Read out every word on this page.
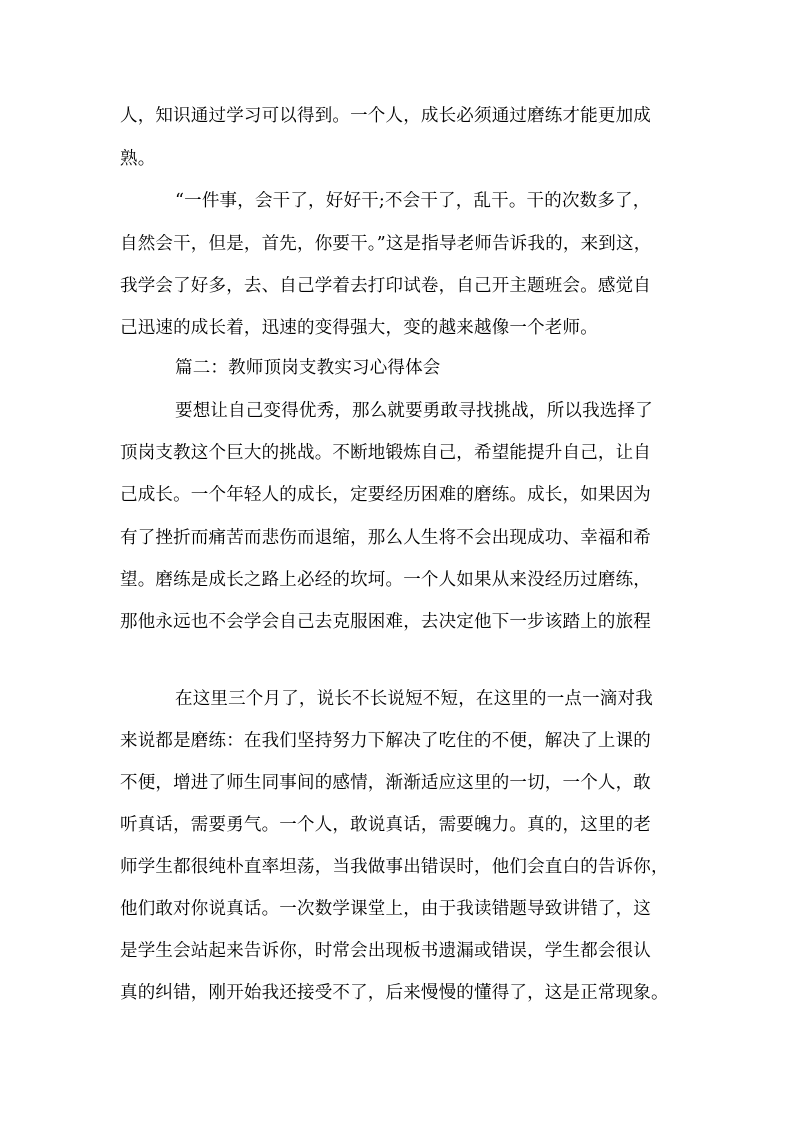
人，知识通过学习可以得到。一个人，成长必须通过磨练才能更加成
熟。
“一件事，会干了，好好干;不会干了，乱干。干的次数多了，
自然会干，但是，首先，你要干。”这是指导老师告诉我的，来到这，
我学会了好多，去、自己学着去打印试卷，自己开主题班会。感觉自
己迅速的成长着，迅速的变得强大，变的越来越像一个老师。
篇二：教师顶岗支教实习心得体会
要想让自己变得优秀，那么就要勇敢寻找挑战，所以我选择了
顶岗支教这个巨大的挑战。不断地锻炼自己，希望能提升自己，让自
己成长。一个年轻人的成长，定要经历困难的磨练。成长，如果因为
有了挫折而痛苦而悲伤而退缩，那么人生将不会出现成功、幸福和希
望。磨练是成长之路上必经的坎坷。一个人如果从来没经历过磨练，
那他永远也不会学会自己去克服困难，去决定他下一步该踏上的旅程
在这里三个月了，说长不长说短不短，在这里的一点一滴对我
来说都是磨练：在我们坚持努力下解决了吃住的不便，解决了上课的
不便，增进了师生同事间的感情，渐渐适应这里的一切，一个人，敢
听真话，需要勇气。一个人，敢说真话，需要魄力。真的，这里的老
师学生都很纯朴直率坦荡，当我做事出错误时，他们会直白的告诉你，
他们敢对你说真话。一次数学课堂上，由于我读错题导致讲错了，这
是学生会站起来告诉你，时常会出现板书遗漏或错误，学生都会很认
真的纠错，刚开始我还接受不了，后来慢慢的懂得了，这是正常现象。
